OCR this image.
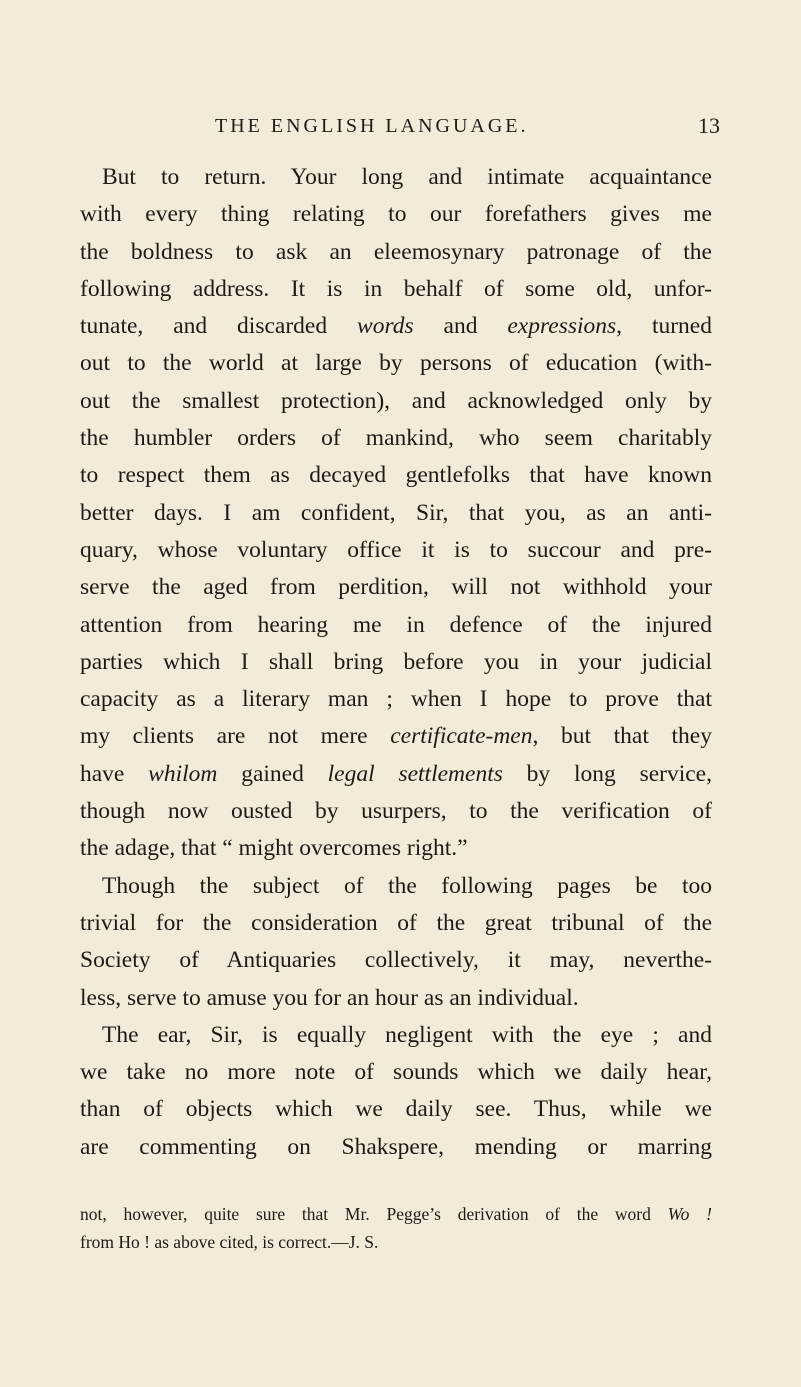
THE ENGLISH LANGUAGE.	13
But to return. Your long and intimate acquaintance
with every thing relating to our forefathers gives me
the boldness to ask an eleemosynary patronage of the
following address. It is in behalf of some old, unfor-
tunate, and discarded words and expressions, turned
out to the world at large by persons of education (with-
out the smallest protection), and acknowledged only by
the humbler orders of mankind, who seem charitably
to respect them as decayed gentlefolks that have known
better days. I am confident, Sir, that you, as an anti-
quary, whose voluntary office it is to succour and pre-
serve the aged from perdition, will not withhold your
attention from hearing me in defence of the injured
parties which I shall bring before you in your judicial
capacity as a literary man ; when I hope to prove that
my clients are not mere certificate-men, but that they
have whilom gained legal settlements by long service,
though now ousted by usurpers, to the verification of
the adage, that “ might overcomes right.”
Though the subject of the following pages be too
trivial for the consideration of the great tribunal of the
Society of Antiquaries collectively, it may, neverthe-
less, serve to amuse you for an hour as an individual.
The ear, Sir, is equally negligent with the eye ; and
we take no more note of sounds which we daily hear,
than of objects which we daily see. Thus, while we
are commenting on Shakspere, mending or marring
not, however, quite sure that Mr. Pegge’s derivation of the word Wo !
from Ho ! as above cited, is correct.—J. S.
